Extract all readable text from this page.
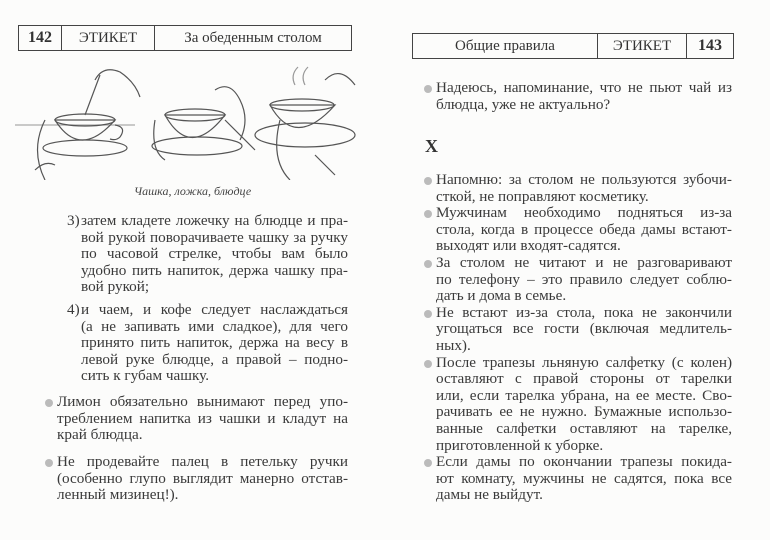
142	ЭТИКЕТ	За обеденным столом
Чашка, ложка, блюдце
3) затем кладете ложечку на блюдце и пра-
вой рукой поворачиваете чашку за ручку
по часовой стрелке, чтобы вам было
удобно пить напиток, держа чашку пра-
вой рукой;
4) и чаем, и кофе следует наслаждаться
(а не запивать ими сладкое), для чего
принято пить напиток, держа на весу в
левой руке блюдце, а правой – подно-
сить к губам чашку.
Лимон обязательно вынимают перед упо-
треблением напитка из чашки и кладут на
край блюдца.
Не продевайте палец в петельку ручки
(особенно глупо выглядит манерно отстав-
ленный мизинец!).
Общие правила	ЭТИКЕТ	143
Надеюсь, напоминание, что не пьют чай из
блюдца, уже не актуально?
Напомню: за столом не пользуются зубочи-
сткой, не поправляют косметику.
Мужчинам необходимо подняться из-за
стола, когда в процессе обеда дамы встают-
выходят или входят-садятся.
За столом не читают и не разговаривают
по телефону – это правило следует соблю-
дать и дома в семье.
Не встают из-за стола, пока не закончили
угощаться все гости (включая медлитель-
ных).
После трапезы льняную салфетку (с колен)
оставляют с правой стороны от тарелки
или, если тарелка убрана, на ее месте. Сво-
рачивать ее не нужно. Бумажные использо-
ванные салфетки оставляют на тарелке,
приготовленной к уборке.
Если дамы по окончании трапезы покида-
ют комнату, мужчины не садятся, пока все
дамы не выйдут.
Х
